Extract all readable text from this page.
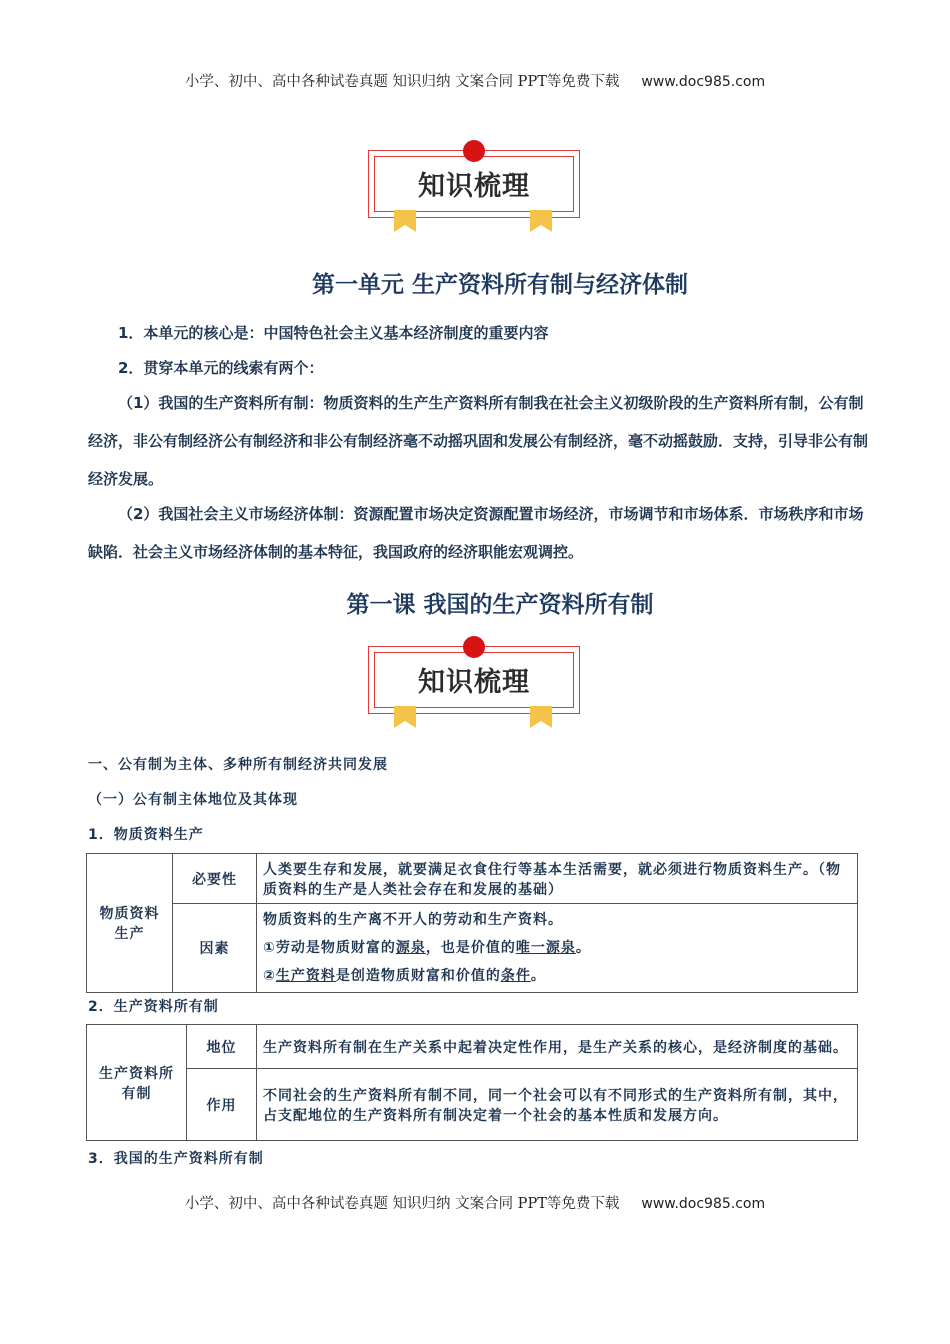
小学、初中、高中各种试卷真题 知识归纳 文案合同 PPT等免费下载 www.doc985.com
知识梳理
第一单元 生产资料所有制与经济体制
1．本单元的核心是：中国特色社会主义基本经济制度的重要内容
2．贯穿本单元的线索有两个：
（1）我国的生产资料所有制：物质资料的生产生产资料所有制我在社会主义初级阶段的生产资料所有制，公有制经济，非公有制经济公有制经济和非公有制经济毫不动摇巩固和发展公有制经济，毫不动摇鼓励．支持，引导非公有制经济发展。
（2）我国社会主义市场经济体制：资源配置市场决定资源配置市场经济，市场调节和市场体系．市场秩序和市场缺陷．社会主义市场经济体制的基本特征，我国政府的经济职能宏观调控。
第一课 我国的生产资料所有制
知识梳理
一、公有制为主体、多种所有制经济共同发展
（一）公有制主体地位及其体现
1．物质资料生产
物质资料生产	必要性	人类要生存和发展，就要满足衣食住行等基本生活需要，就必须进行物质资料生产。（物质资料的生产是人类社会存在和发展的基础）
	因素	物质资料的生产离不开人的劳动和生产资料。
①劳动是物质财富的源泉，也是价值的唯一源泉。
②生产资料是创造物质财富和价值的条件。
2．生产资料所有制
生产资料所有制	地位	生产资料所有制在生产关系中起着决定性作用，是生产关系的核心，是经济制度的基础。
	作用	不同社会的生产资料所有制不同，同一个社会可以有不同形式的生产资料所有制，其中，占支配地位的生产资料所有制决定着一个社会的基本性质和发展方向。
3．我国的生产资料所有制
小学、初中、高中各种试卷真题 知识归纳 文案合同 PPT等免费下载 www.doc985.com
